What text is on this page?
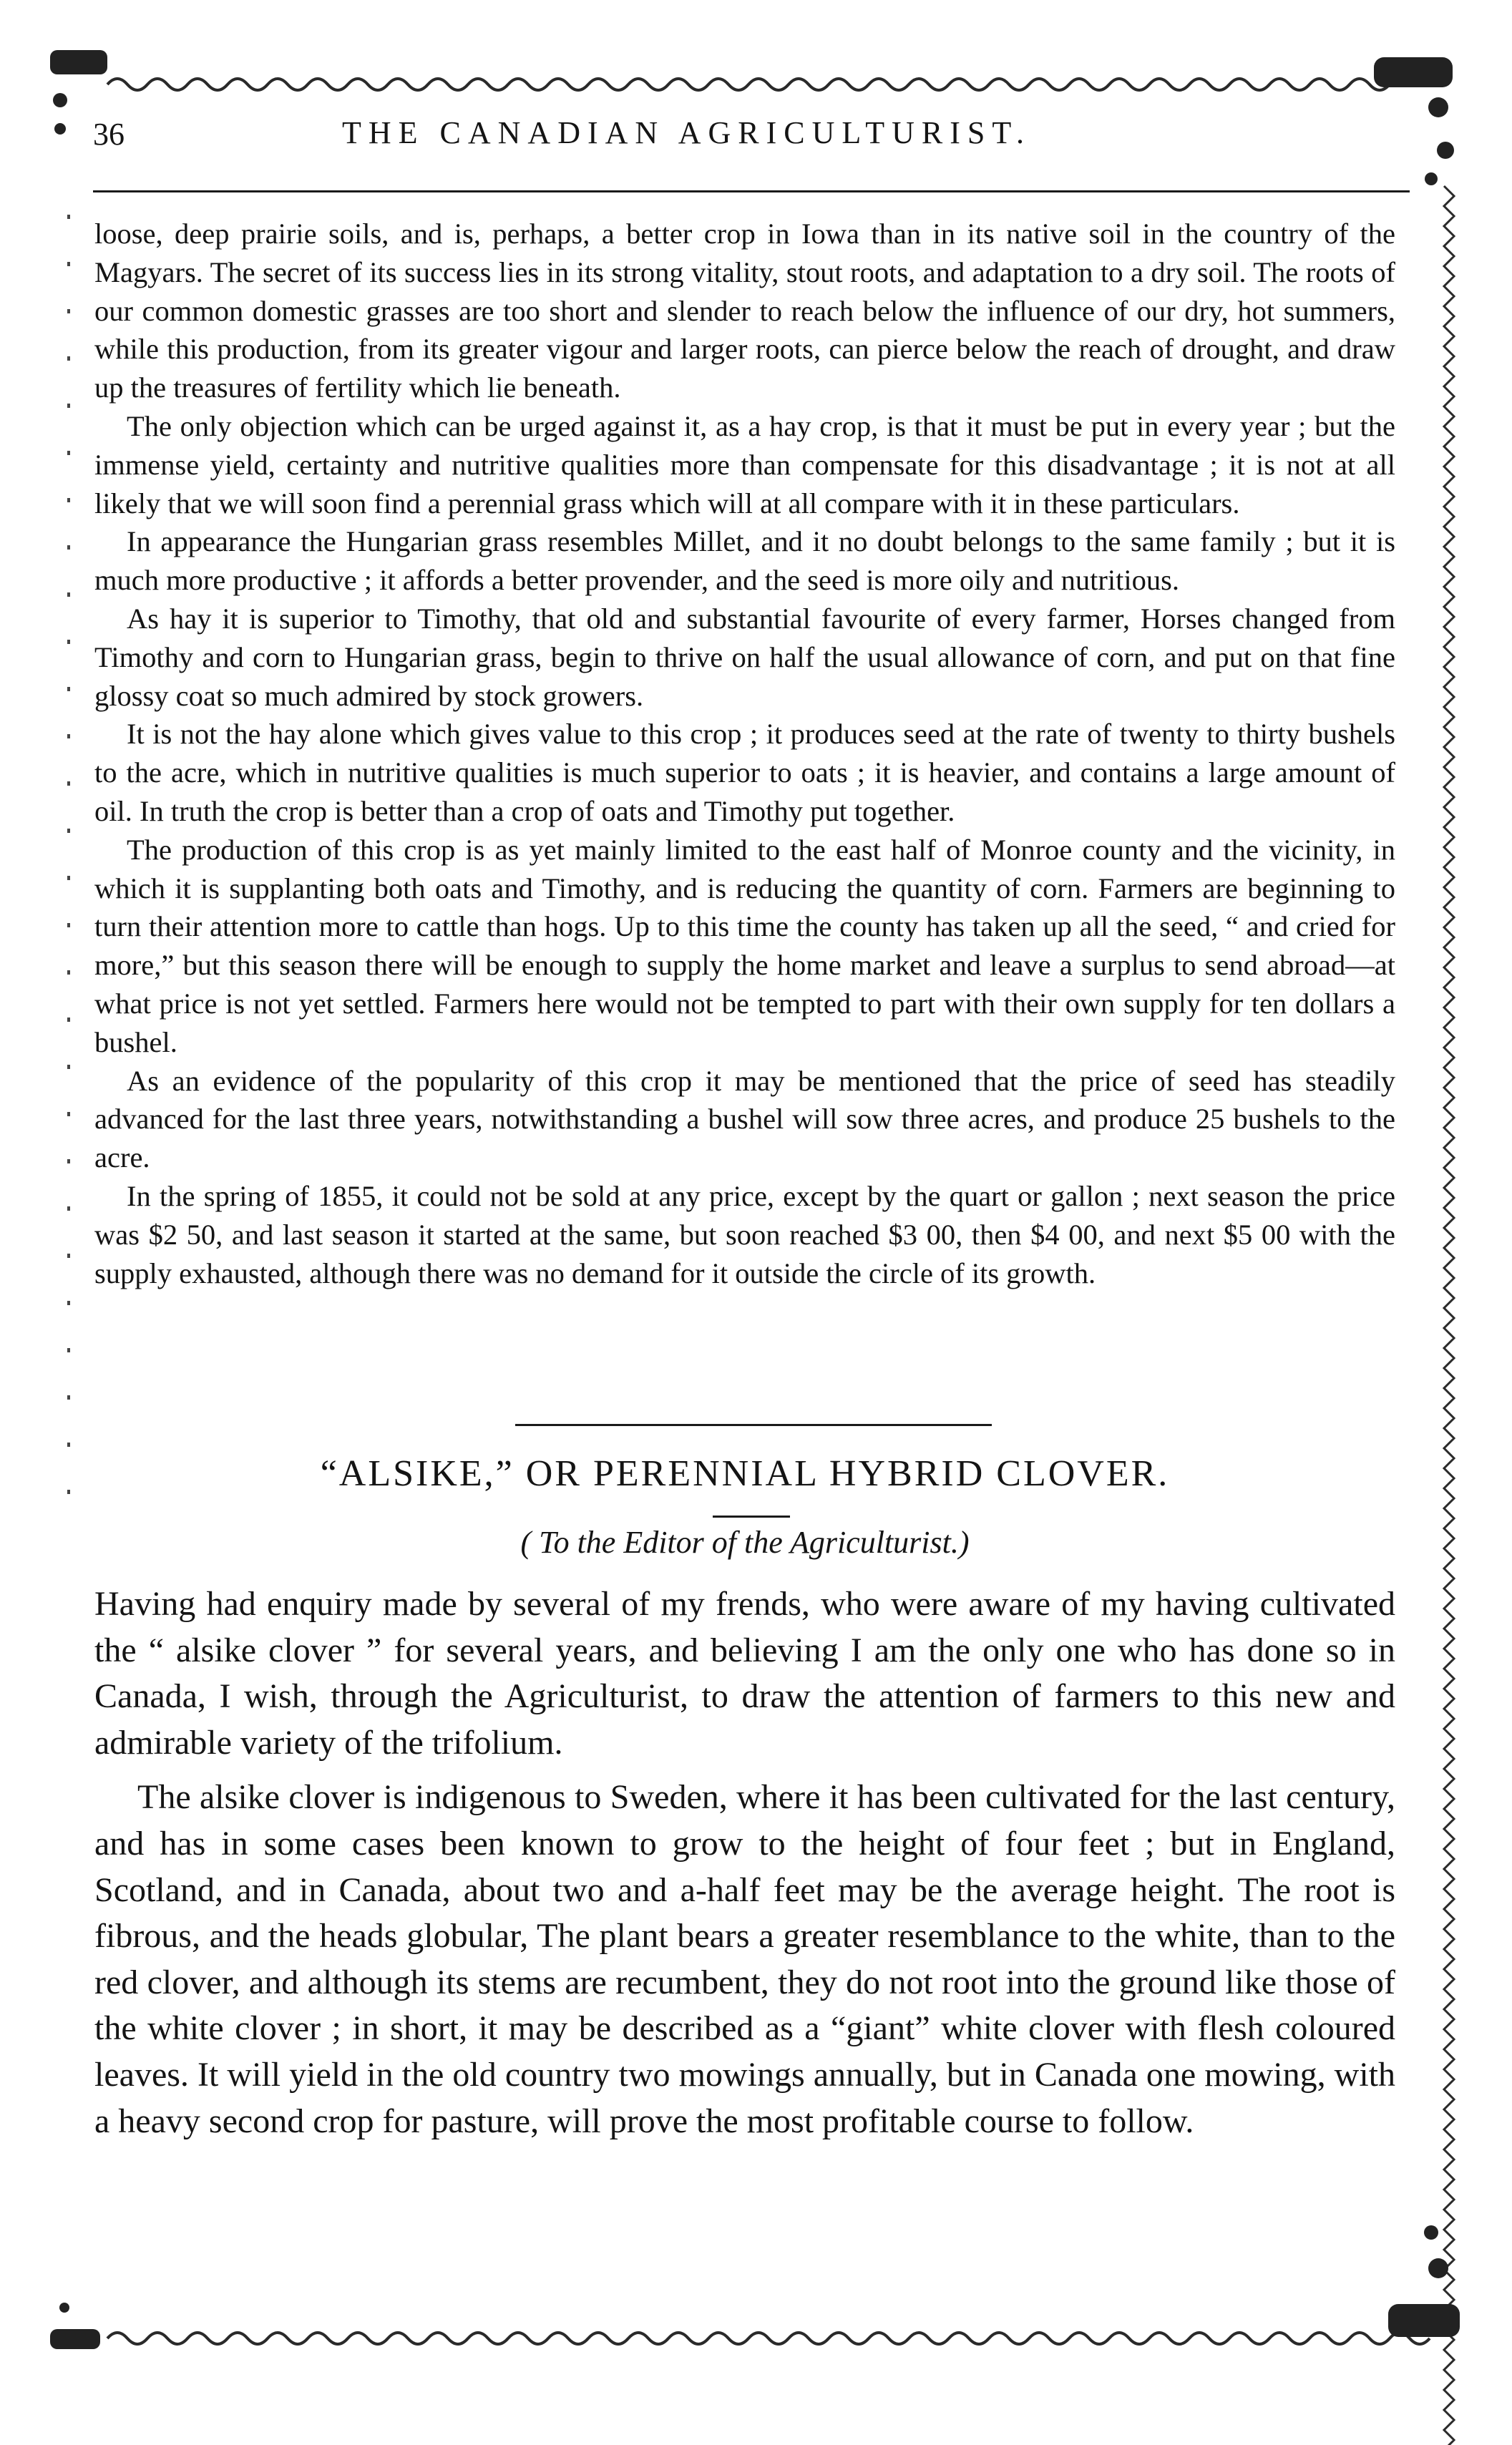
36	THE CANADIAN AGRICULTURIST.

loose, deep prairie soils, and is, perhaps, a better crop in Iowa than in its native soil in the country of the Magyars. The secret of its success lies in its strong vitality, stout roots, and adaptation to a dry soil. The roots of our common domestic grasses are too short and slender to reach below the influence of our dry, hot summers, while this production, from its greater vigour and larger roots, can pierce below the reach of drought, and draw up the treasures of fertility which lie beneath.

The only objection which can be urged against it, as a hay crop, is that it must be put in every year ; but the immense yield, certainty and nutritive qualities more than compensate for this disadvantage ; it is not at all likely that we will soon find a perennial grass which will at all compare with it in these particulars.

In appearance the Hungarian grass resembles Millet, and it no doubt belongs to the same family ; but it is much more productive ; it affords a better provender, and the seed is more oily and nutritious.

As hay it is superior to Timothy, that old and substantial favourite of every farmer, Horses changed from Timothy and corn to Hungarian grass, begin to thrive on half the usual allowance of corn, and put on that fine glossy coat so much admired by stock growers.

It is not the hay alone which gives value to this crop ; it produces seed at the rate of twenty to thirty bushels to the acre, which in nutritive qualities is much superior to oats ; it is heavier, and contains a large amount of oil. In truth the crop is better than a crop of oats and Timothy put together.

The production of this crop is as yet mainly limited to the east half of Monroe county and the vicinity, in which it is supplanting both oats and Timothy, and is reducing the quantity of corn. Farmers are beginning to turn their attention more to cattle than hogs. Up to this time the county has taken up all the seed, “ and cried for more,” but this season there will be enough to supply the home market and leave a surplus to send abroad—at what price is not yet settled. Farmers here would not be tempted to part with their own supply for ten dollars a bushel.

As an evidence of the popularity of this crop it may be mentioned that the price of seed has steadily advanced for the last three years, notwithstanding a bushel will sow three acres, and produce 25 bushels to the acre.

In the spring of 1855, it could not be sold at any price, except by the quart or gallon ; next season the price was $2 50, and last season it started at the same, but soon reached $3 00, then $4 00, and next $5 00 with the supply exhausted, although there was no demand for it outside the circle of its growth.

“ALSIKE,” OR PERENNIAL HYBRID CLOVER.
( To the Editor of the Agriculturist.)

Having had enquiry made by several of my frends, who were aware of my having cultivated the “ alsike clover ” for several years, and believing I am the only one who has done so in Canada, I wish, through the Agriculturist, to draw the attention of farmers to this new and admirable variety of the trifolium.

The alsike clover is indigenous to Sweden, where it has been cultivated for the last century, and has in some cases been known to grow to the height of four feet ; but in England, Scotland, and in Canada, about two and a-half feet may be the average height. The root is fibrous, and the heads globular, The plant bears a greater resemblance to the white, than to the red clover, and although its stems are recumbent, they do not root into the ground like those of the white clover ; in short, it may be described as a “giant” white clover with flesh coloured leaves. It will yield in the old country two mowings annually, but in Canada one mowing, with a heavy second crop for pasture, will prove the most profitable course to follow.
